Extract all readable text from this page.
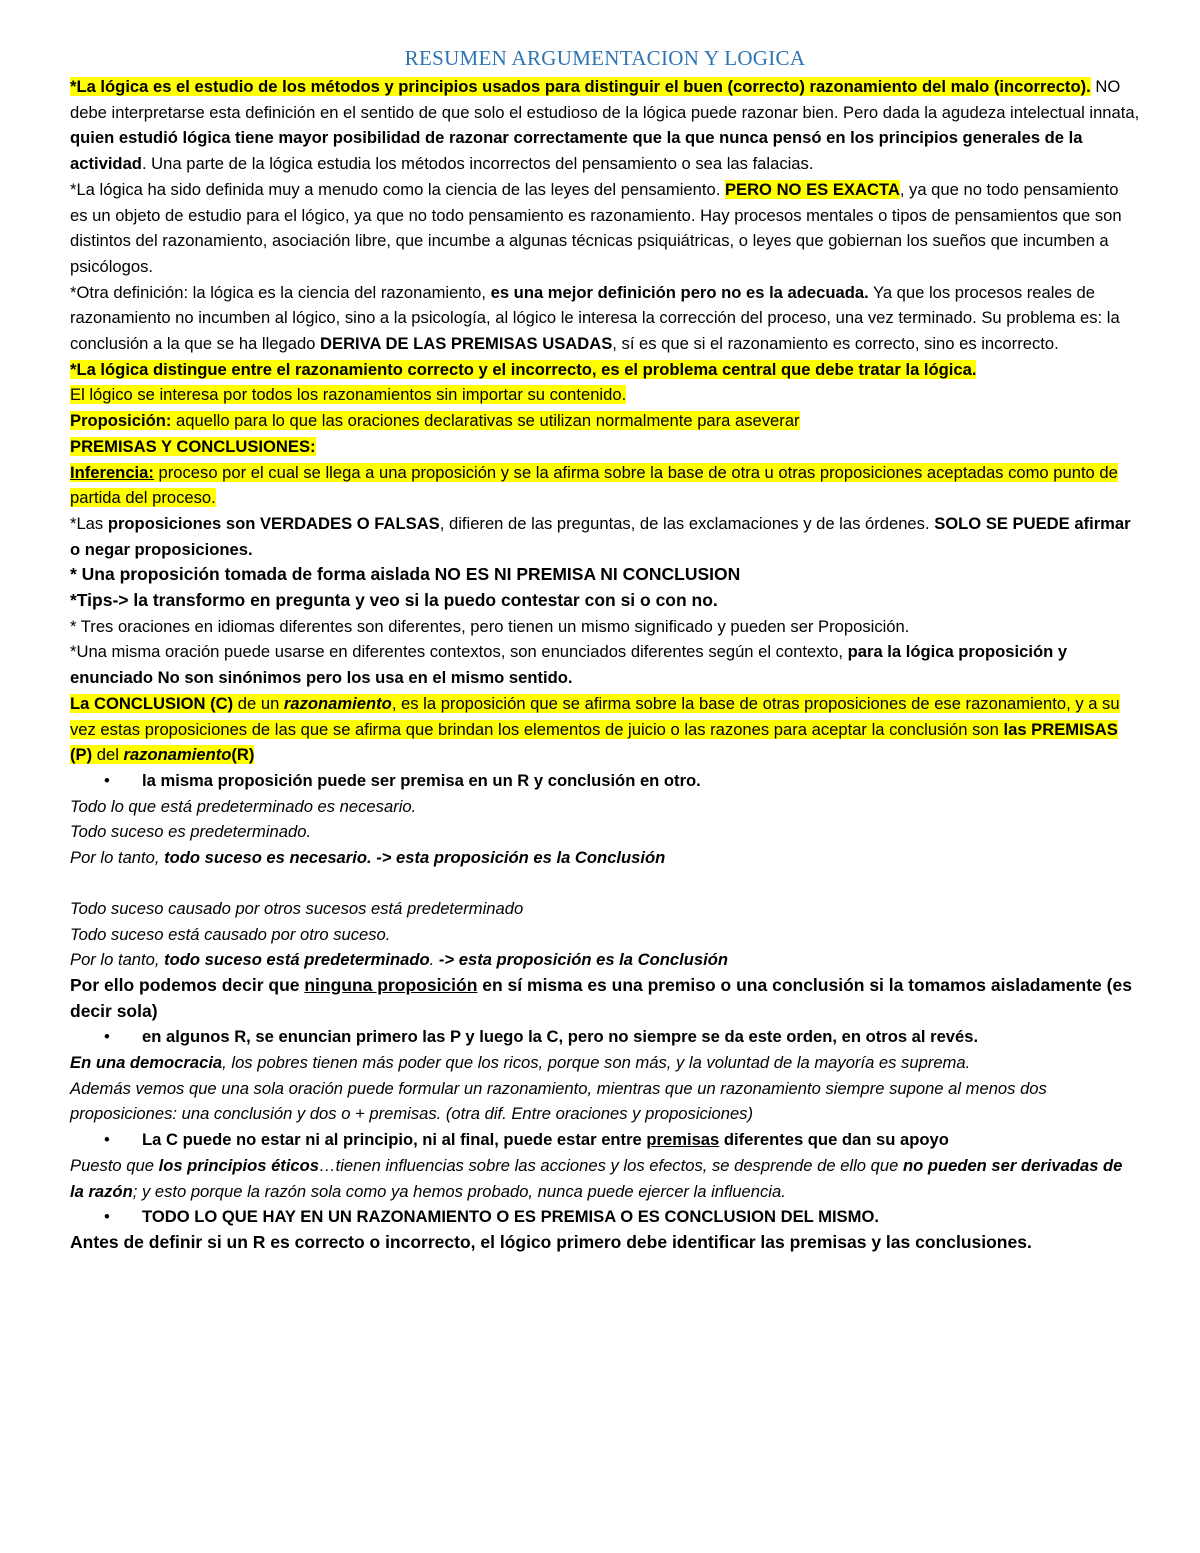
RESUMEN ARGUMENTACION Y LOGICA

*La lógica es el estudio de los métodos y principios usados para distinguir el buen (correcto) razonamiento del malo (incorrecto). NO debe interpretarse esta definición en el sentido de que solo el estudioso de la lógica puede razonar bien. Pero dada la agudeza intelectual innata, quien estudió lógica tiene mayor posibilidad de razonar correctamente que la que nunca pensó en los principios generales de la actividad. Una parte de la lógica estudia los métodos incorrectos del pensamiento o sea las falacias.

*La lógica ha sido definida muy a menudo como la ciencia de las leyes del pensamiento. PERO NO ES EXACTA, ya que no todo pensamiento es un objeto de estudio para el lógico, ya que no todo pensamiento es razonamiento. Hay procesos mentales o tipos de pensamientos que son distintos del razonamiento, asociación libre, que incumbe a algunas técnicas psiquiátricas, o leyes que gobiernan los sueños que incumben a psicólogos.

*Otra definición: la lógica es la ciencia del razonamiento, es una mejor definición pero no es la adecuada. Ya que los procesos reales de razonamiento no incumben al lógico, sino a la psicología, al lógico le interesa la corrección del proceso, una vez terminado. Su problema es: la conclusión a la que se ha llegado DERIVA DE LAS PREMISAS USADAS, sí es que si el razonamiento es correcto, sino es incorrecto.

*La lógica distingue entre el razonamiento correcto y el incorrecto, es el problema central que debe tratar la lógica.

El lógico se interesa por todos los razonamientos sin importar su contenido.

Proposición: aquello para lo que las oraciones declarativas se utilizan normalmente para aseverar

PREMISAS Y CONCLUSIONES:

Inferencia: proceso por el cual se llega a una proposición y se la afirma sobre la base de otra u otras proposiciones aceptadas como punto de partida del proceso.

*Las proposiciones son VERDADES O FALSAS, difieren de las preguntas, de las exclamaciones y de las órdenes. SOLO SE PUEDE afirmar o negar proposiciones.

* Una proposición tomada de forma aislada NO ES NI PREMISA NI CONCLUSION

*Tips-> la transformo en pregunta y veo si la puedo contestar con si o con no.

* Tres oraciones en idiomas diferentes son diferentes, pero tienen un mismo significado y pueden ser Proposición.

*Una misma oración puede usarse en diferentes contextos, son enunciados diferentes según el contexto, para la lógica proposición y enunciado No son sinónimos pero los usa en el mismo sentido.

La CONCLUSION (C) de un razonamiento, es la proposición que se afirma sobre la base de otras proposiciones de ese razonamiento, y a su vez estas proposiciones de las que se afirma que brindan los elementos de juicio o las razones para aceptar la conclusión son las PREMISAS (P) del razonamiento(R)

• la misma proposición puede ser premisa en un R y conclusión en otro.

Todo lo que está predeterminado es necesario.

Todo suceso es predeterminado.

Por lo tanto, todo suceso es necesario. -> esta proposición es la Conclusión

Todo suceso causado por otros sucesos está predeterminado

Todo suceso está causado por otro suceso.

Por lo tanto, todo suceso está predeterminado. -> esta proposición es la Conclusión

Por ello podemos decir que ninguna proposición en sí misma es una premiso o una conclusión si la tomamos aisladamente (es decir sola)

• en algunos R, se enuncian primero las P y luego la C, pero no siempre se da este orden, en otros al revés.

En una democracia, los pobres tienen más poder que los ricos, porque son más, y la voluntad de la mayoría es suprema.

Además vemos que una sola oración puede formular un razonamiento, mientras que un razonamiento siempre supone al menos dos proposiciones: una conclusión y dos o + premisas. (otra dif. Entre oraciones y proposiciones)

• La C puede no estar ni al principio, ni al final, puede estar entre premisas diferentes que dan su apoyo

Puesto que los principios éticos…tienen influencias sobre las acciones y los efectos, se desprende de ello que no pueden ser derivadas de la razón; y esto porque la razón sola como ya hemos probado, nunca puede ejercer la influencia.

• TODO LO QUE HAY EN UN RAZONAMIENTO O ES PREMISA O ES CONCLUSION DEL MISMO.

Antes de definir si un R es correcto o incorrecto, el lógico primero debe identificar las premisas y las conclusiones.
